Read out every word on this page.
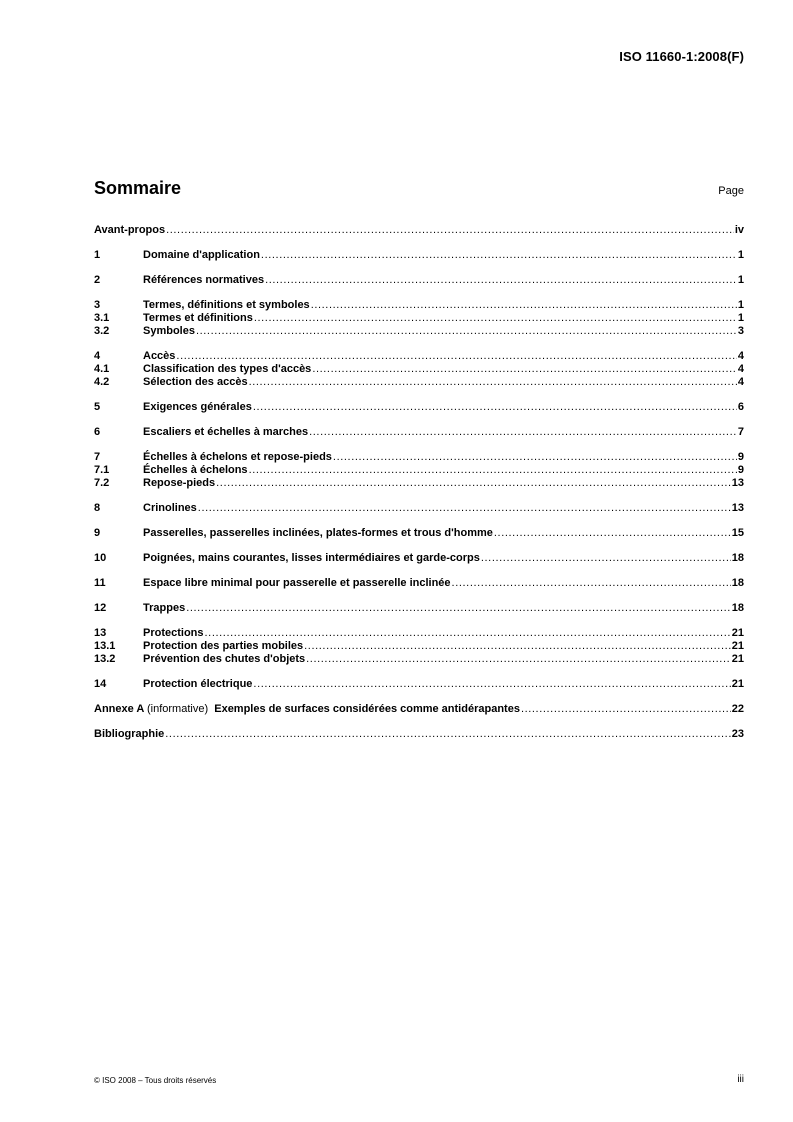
ISO 11660-1:2008(F)
Sommaire	Page
Avant-propos .....	iv
1	Domaine d'application .....	1
2	Références normatives .....	1
3	Termes, définitions et symboles .....	1
3.1	Termes et définitions .....	1
3.2	Symboles .....	3
4	Accès .....	4
4.1	Classification des types d'accès .....	4
4.2	Sélection des accès .....	4
5	Exigences générales .....	6
6	Escaliers et échelles à marches .....	7
7	Échelles à échelons et repose-pieds .....	9
7.1	Échelles à échelons .....	9
7.2	Repose-pieds .....	13
8	Crinolines .....	13
9	Passerelles, passerelles inclinées, plates-formes et trous d'homme .....	15
10	Poignées, mains courantes, lisses intermédiaires et garde-corps .....	18
11	Espace libre minimal pour passerelle et passerelle inclinée .....	18
12	Trappes .....	18
13	Protections .....	21
13.1	Protection des parties mobiles .....	21
13.2	Prévention des chutes d'objets .....	21
14	Protection électrique .....	21
Annexe A (informative) Exemples de surfaces considérées comme antidérapantes .....	22
Bibliographie .....	23
© ISO 2008 – Tous droits réservés	iii
